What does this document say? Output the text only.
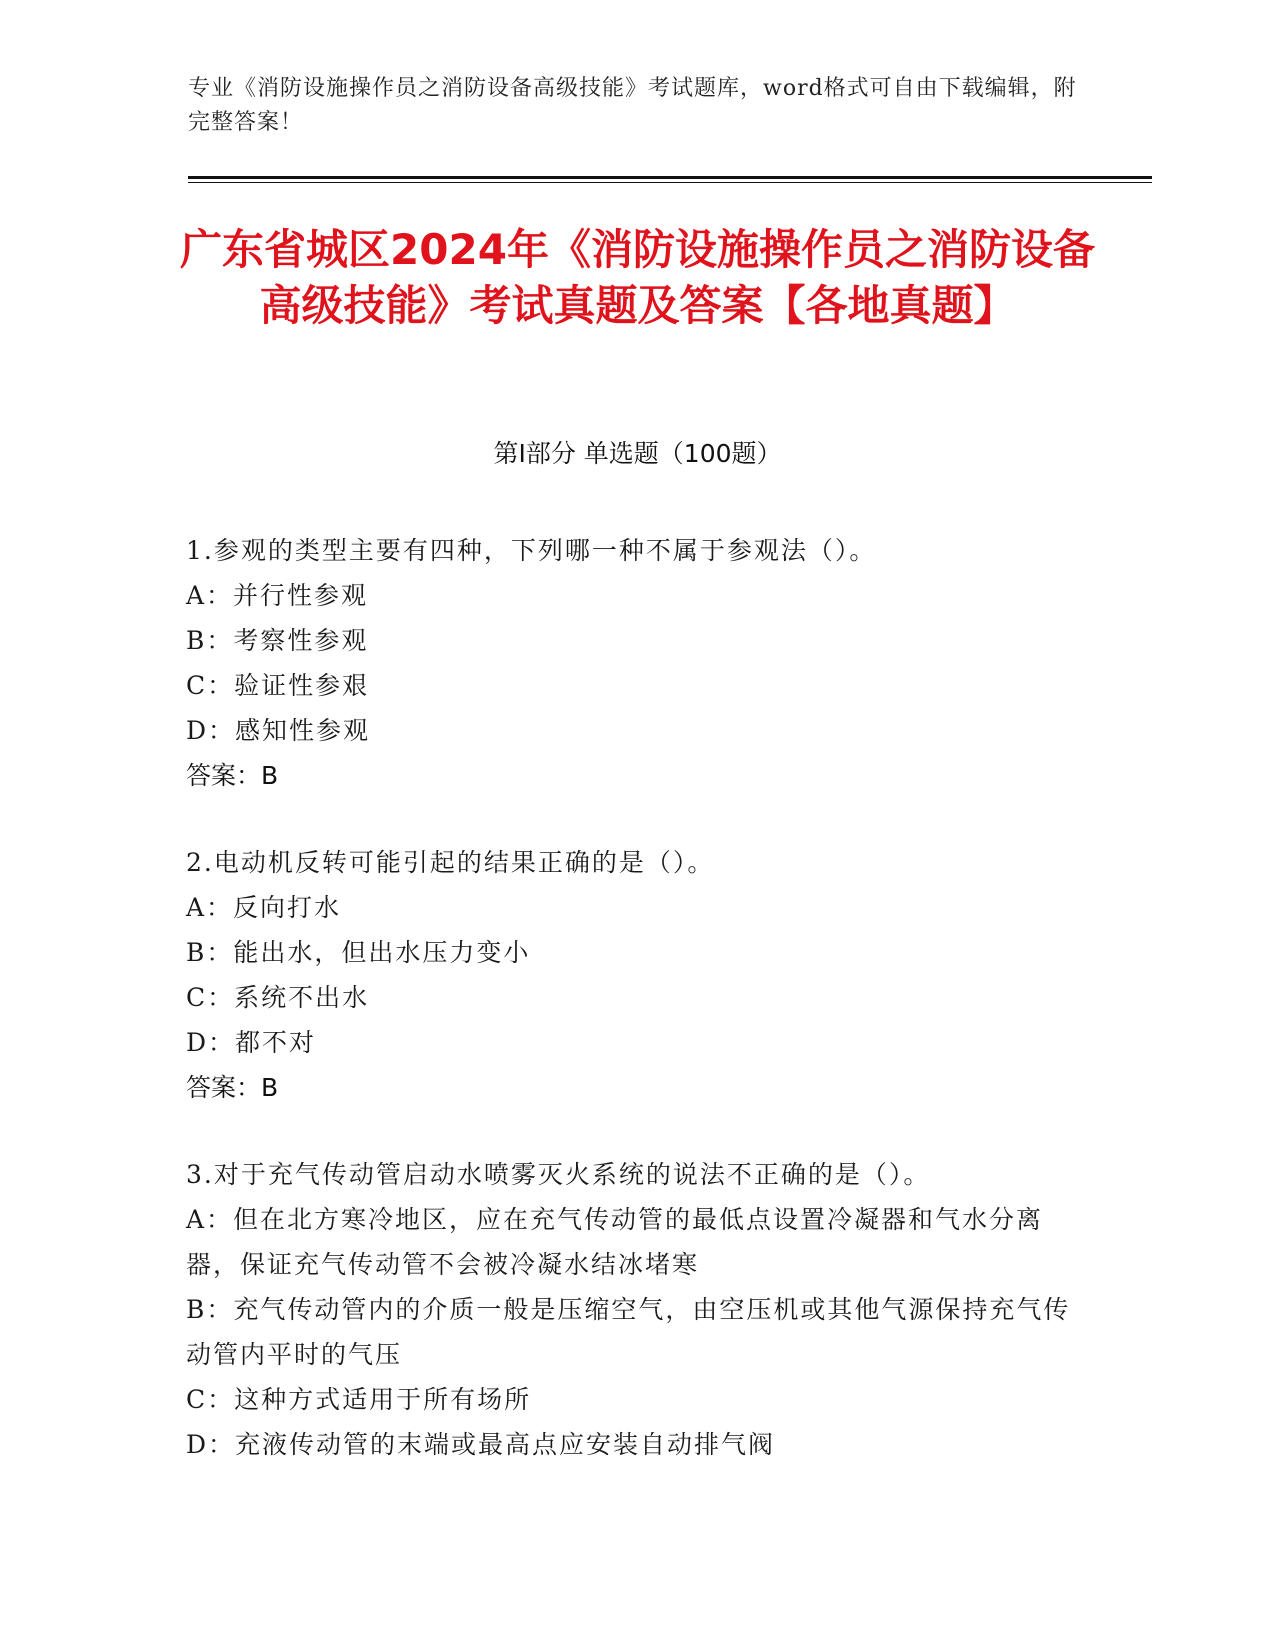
专业《消防设施操作员之消防设备高级技能》考试题库，word格式可自由下载编辑，附完整答案！
广东省城区2024年《消防设施操作员之消防设备高级技能》考试真题及答案【各地真题】
第Ⅰ部分 单选题（100题）
1.参观的类型主要有四种，下列哪一种不属于参观法（）。
A：并行性参观
B：考察性参观
C：验证性参艰
D：感知性参观
答案：B
2.电动机反转可能引起的结果正确的是（）。
A：反向打水
B：能出水，但出水压力变小
C：系统不出水
D：都不对
答案：B
3.对于充气传动管启动水喷雾灭火系统的说法不正确的是（）。
A：但在北方寒冷地区，应在充气传动管的最低点设置冷凝器和气水分离器，保证充气传动管不会被冷凝水结冰堵寒
B：充气传动管内的介质一般是压缩空气，由空压机或其他气源保持充气传动管内平时的气压
C：这种方式适用于所有场所
D：充液传动管的末端或最高点应安装自动排气阀
